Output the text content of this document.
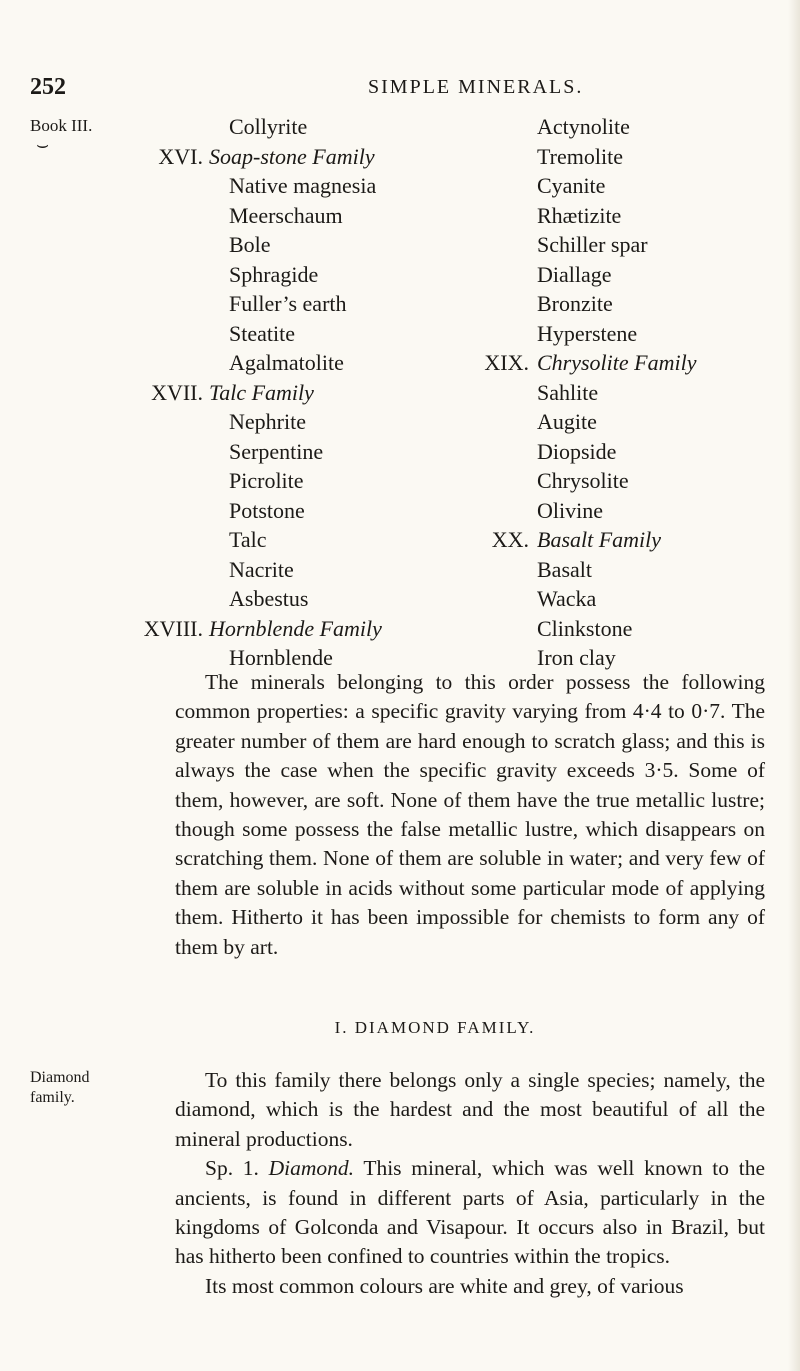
252	SIMPLE MINERALS.
Book III.
⌣
Collyrite
XVI. Soap-stone Family
Native magnesia
Meerschaum
Bole
Sphragide
Fuller’s earth
Steatite
Agalmatolite
XVII. Talc Family
Nephrite
Serpentine
Picrolite
Potstone
Talc
Nacrite
Asbestus
XVIII. Hornblende Family
Hornblende
Actynolite
Tremolite
Cyanite
Rhætizite
Schiller spar
Diallage
Bronzite
Hyperstene
XIX. Chrysolite Family
Sahlite
Augite
Diopside
Chrysolite
Olivine
XX. Basalt Family
Basalt
Wacka
Clinkstone
Iron clay

The minerals belonging to this order possess the following common properties: a specific gravity varying from 4·4 to 0·7. The greater number of them are hard enough to scratch glass; and this is always the case when the specific gravity exceeds 3·5. Some of them, however, are soft. None of them have the true metallic lustre; though some possess the false metallic lustre, which disappears on scratching them. None of them are soluble in water; and very few of them are soluble in acids without some particular mode of applying them. Hitherto it has been impossible for chemists to form any of them by art.

I. DIAMOND FAMILY.
Diamond
family.

To this family there belongs only a single species; namely, the diamond, which is the hardest and the most beautiful of all the mineral productions.

Sp. 1. Diamond. This mineral, which was well known to the ancients, is found in different parts of Asia, particularly in the kingdoms of Golconda and Visapour. It occurs also in Brazil, but has hitherto been confined to countries within the tropics.

Its most common colours are white and grey, of various
